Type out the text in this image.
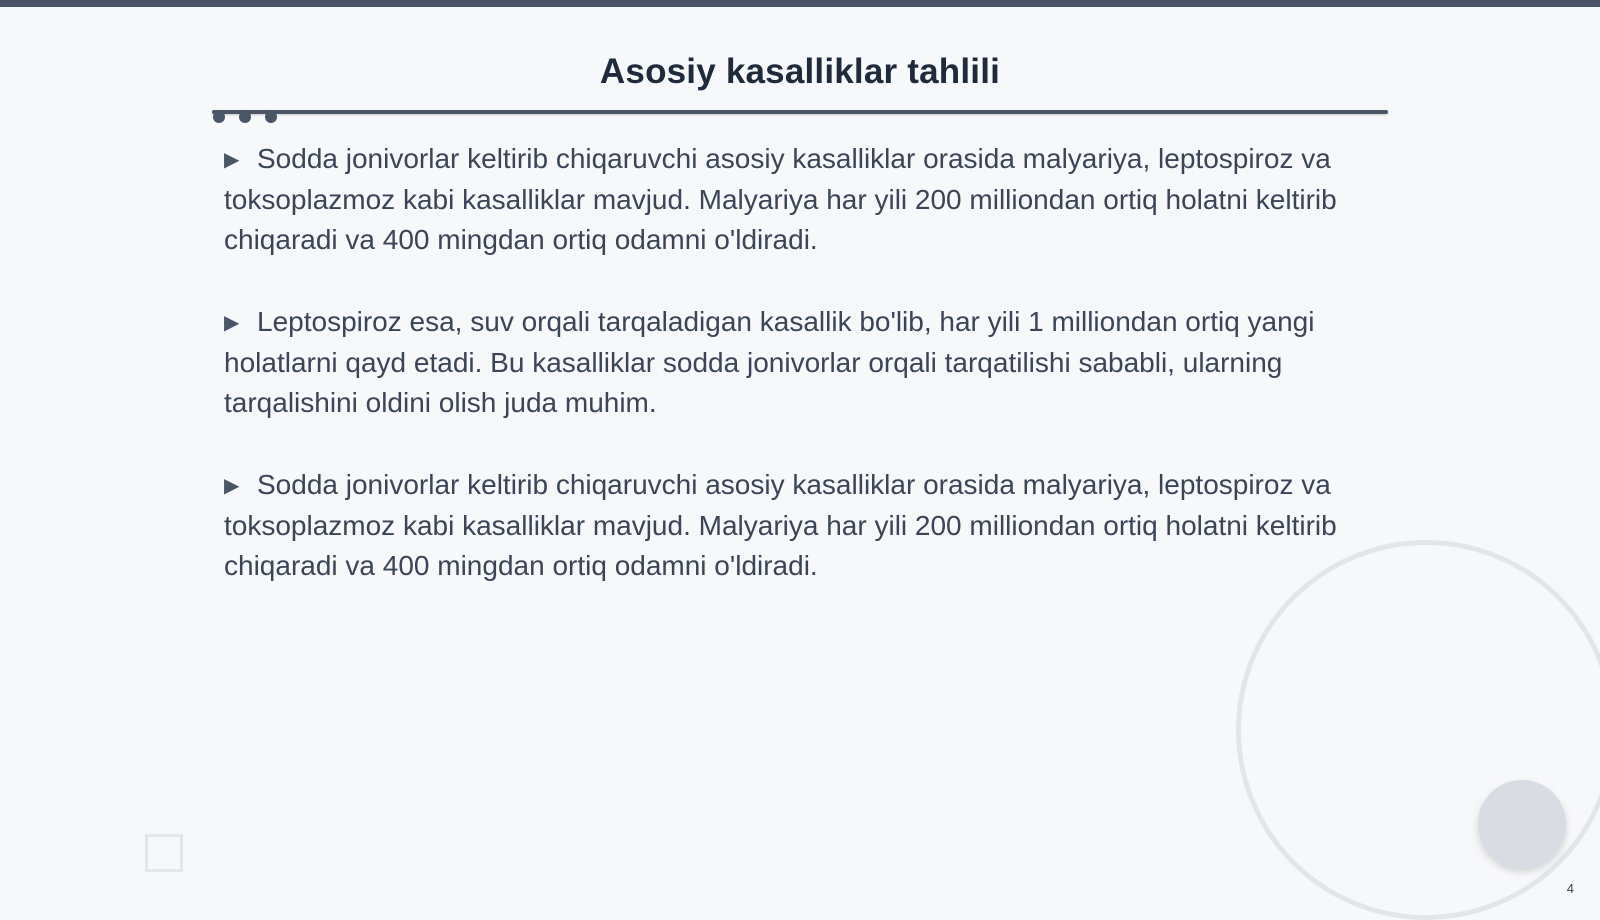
Asosiy kasalliklar tahlili

▶ Sodda jonivorlar keltirib chiqaruvchi asosiy kasalliklar orasida malyariya, leptospiroz va toksoplazmoz kabi kasalliklar mavjud. Malyariya har yili 200 milliondan ortiq holatni keltirib chiqaradi va 400 mingdan ortiq odamni o'ldiradi.

▶ Leptospiroz esa, suv orqali tarqaladigan kasallik bo'lib, har yili 1 milliondan ortiq yangi holatlarni qayd etadi. Bu kasalliklar sodda jonivorlar orqali tarqatilishi sababli, ularning tarqalishini oldini olish juda muhim.

▶ Sodda jonivorlar keltirib chiqaruvchi asosiy kasalliklar orasida malyariya, leptospiroz va toksoplazmoz kabi kasalliklar mavjud. Malyariya har yili 200 milliondan ortiq holatni keltirib chiqaradi va 400 mingdan ortiq odamni o'ldiradi.

4
